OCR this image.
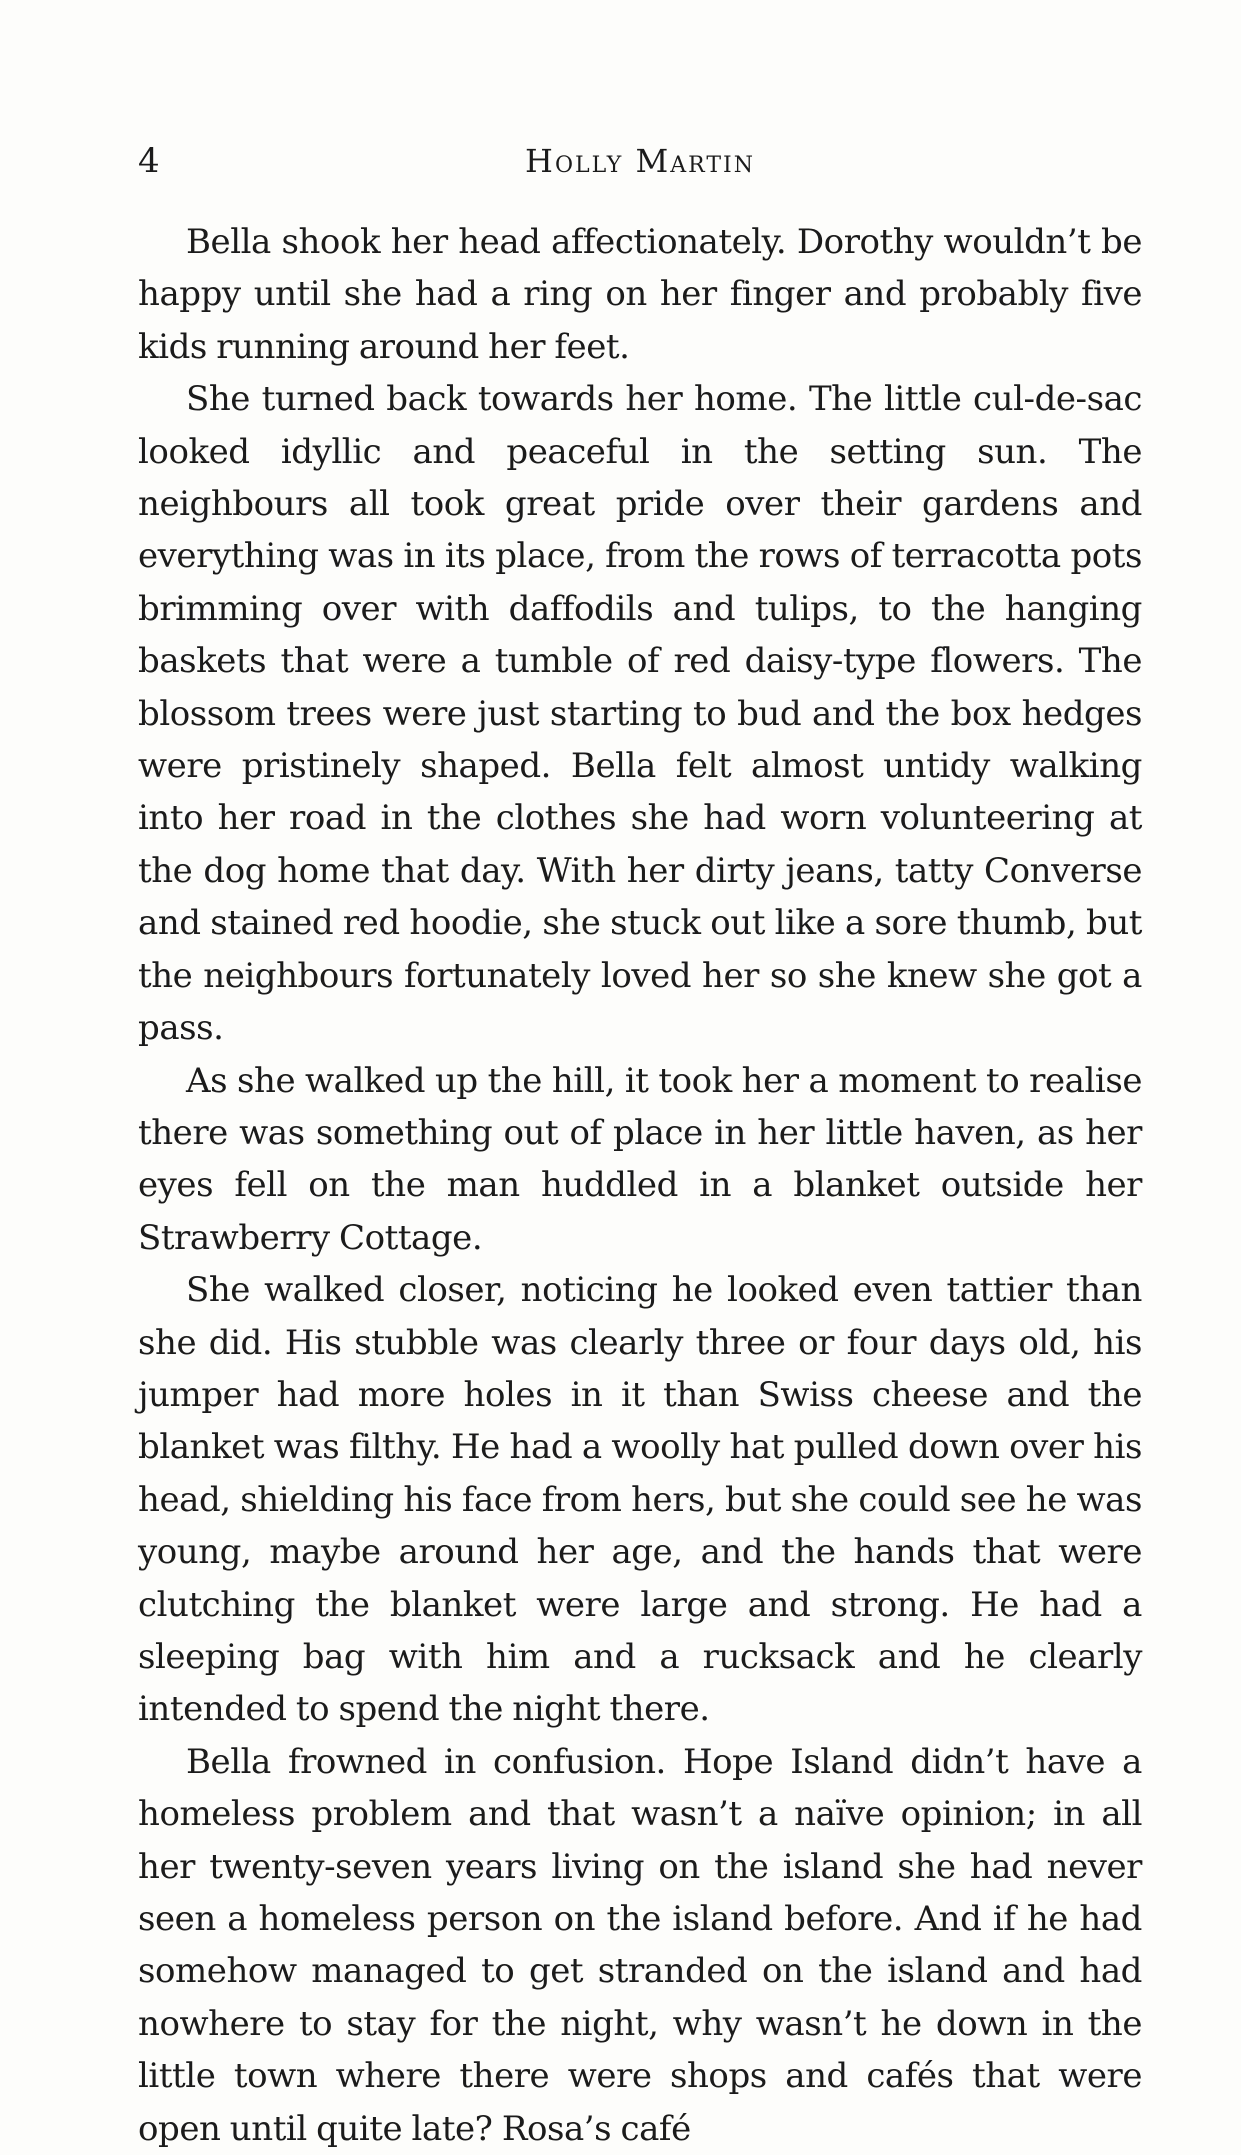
4	Holly Martin

Bella shook her head affectionately. Dorothy wouldn’t be happy until she had a ring on her finger and probably five kids running around her feet.

She turned back towards her home. The little cul-de-sac looked idyllic and peaceful in the setting sun. The neighbours all took great pride over their gardens and everything was in its place, from the rows of terracotta pots brimming over with daffodils and tulips, to the hanging baskets that were a tumble of red daisy-type flowers. The blossom trees were just starting to bud and the box hedges were pristinely shaped. Bella felt almost untidy walking into her road in the clothes she had worn volunteering at the dog home that day. With her dirty jeans, tatty Converse and stained red hoodie, she stuck out like a sore thumb, but the neighbours fortunately loved her so she knew she got a pass.

As she walked up the hill, it took her a moment to realise there was something out of place in her little haven, as her eyes fell on the man huddled in a blanket outside her Strawberry Cottage.

She walked closer, noticing he looked even tattier than she did. His stubble was clearly three or four days old, his jumper had more holes in it than Swiss cheese and the blanket was filthy. He had a woolly hat pulled down over his head, shielding his face from hers, but she could see he was young, maybe around her age, and the hands that were clutching the blanket were large and strong. He had a sleeping bag with him and a rucksack and he clearly intended to spend the night there.

Bella frowned in confusion. Hope Island didn’t have a homeless problem and that wasn’t a naïve opinion; in all her twenty-seven years living on the island she had never seen a homeless person on the island before. And if he had somehow managed to get stranded on the island and had nowhere to stay for the night, why wasn’t he down in the little town where there were shops and cafés that were open until quite late? Rosa’s café
